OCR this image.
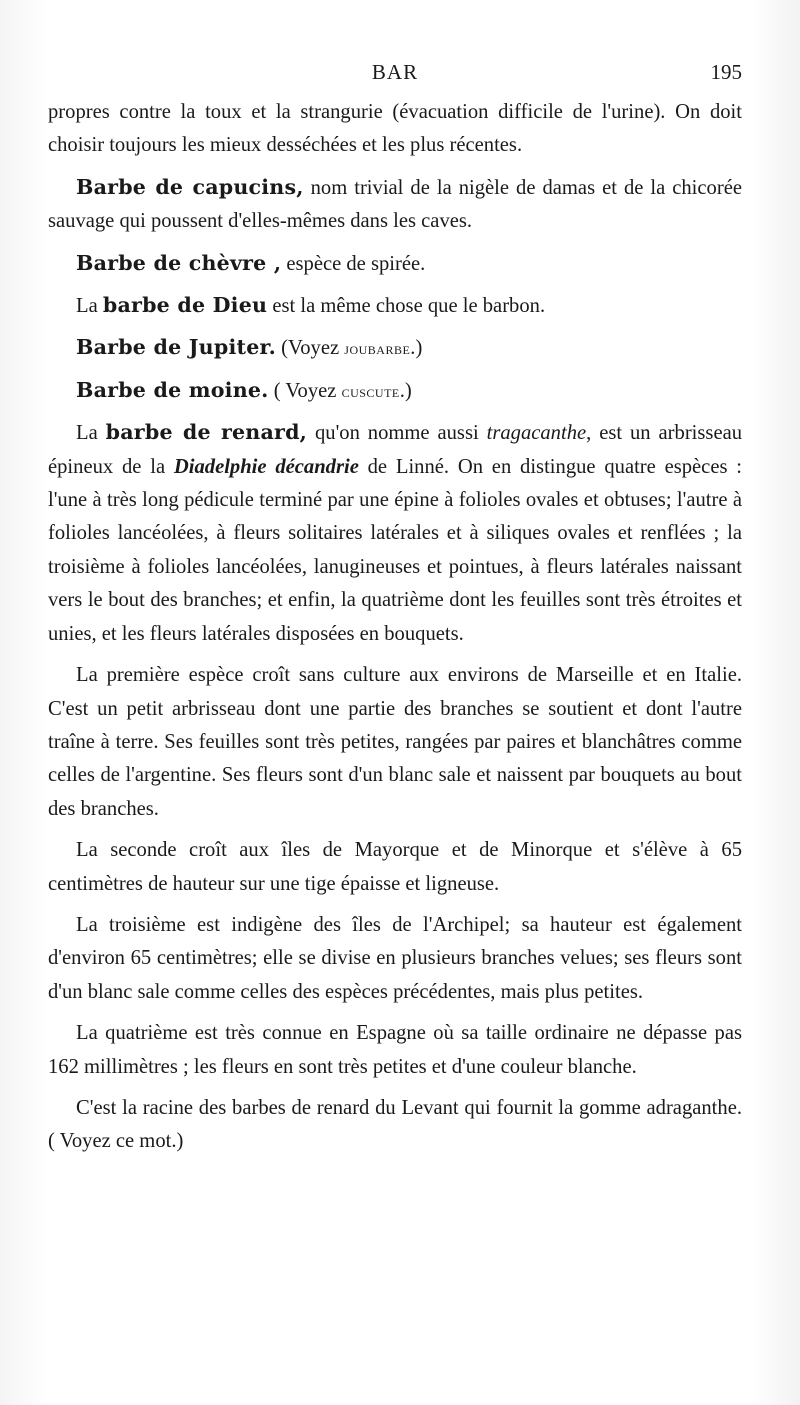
BAR	195

propres contre la toux et la strangurie (évacuation difficile de l'urine). On doit choisir toujours les mieux desséchées et les plus récentes.

Barbe de capucins, nom trivial de la nigèle de damas et de la chicorée sauvage qui poussent d'elles-mêmes dans les caves.

Barbe de chèvre , espèce de spirée.

La barbe de Dieu est la même chose que le barbon.

Barbe de Jupiter. (Voyez joubarbe.)

Barbe de moine. ( Voyez cuscute.)

La barbe de renard, qu'on nomme aussi tragacanthe, est un arbrisseau épineux de la Diadelphie décandrie de Linné. On en distingue quatre espèces : l'une à très long pédicule terminé par une épine à folioles ovales et obtuses; l'autre à folioles lancéolées, à fleurs solitaires latérales et à siliques ovales et renflées ; la troisième à folioles lancéolées, lanugineuses et pointues, à fleurs latérales naissant vers le bout des branches; et enfin, la quatrième dont les feuilles sont très étroites et unies, et les fleurs latérales disposées en bouquets.

La première espèce croît sans culture aux environs de Marseille et en Italie. C'est un petit arbrisseau dont une partie des branches se soutient et dont l'autre traîne à terre. Ses feuilles sont très petites, rangées par paires et blanchâtres comme celles de l'argentine. Ses fleurs sont d'un blanc sale et naissent par bouquets au bout des branches.

La seconde croît aux îles de Mayorque et de Minorque et s'élève à 65 centimètres de hauteur sur une tige épaisse et ligneuse.

La troisième est indigène des îles de l'Archipel; sa hauteur est également d'environ 65 centimètres; elle se divise en plusieurs branches velues; ses fleurs sont d'un blanc sale comme celles des espèces précédentes, mais plus petites.

La quatrième est très connue en Espagne où sa taille ordinaire ne dépasse pas 162 millimètres ; les fleurs en sont très petites et d'une couleur blanche.

C'est la racine des barbes de renard du Levant qui fournit la gomme adraganthe. ( Voyez ce mot.)
